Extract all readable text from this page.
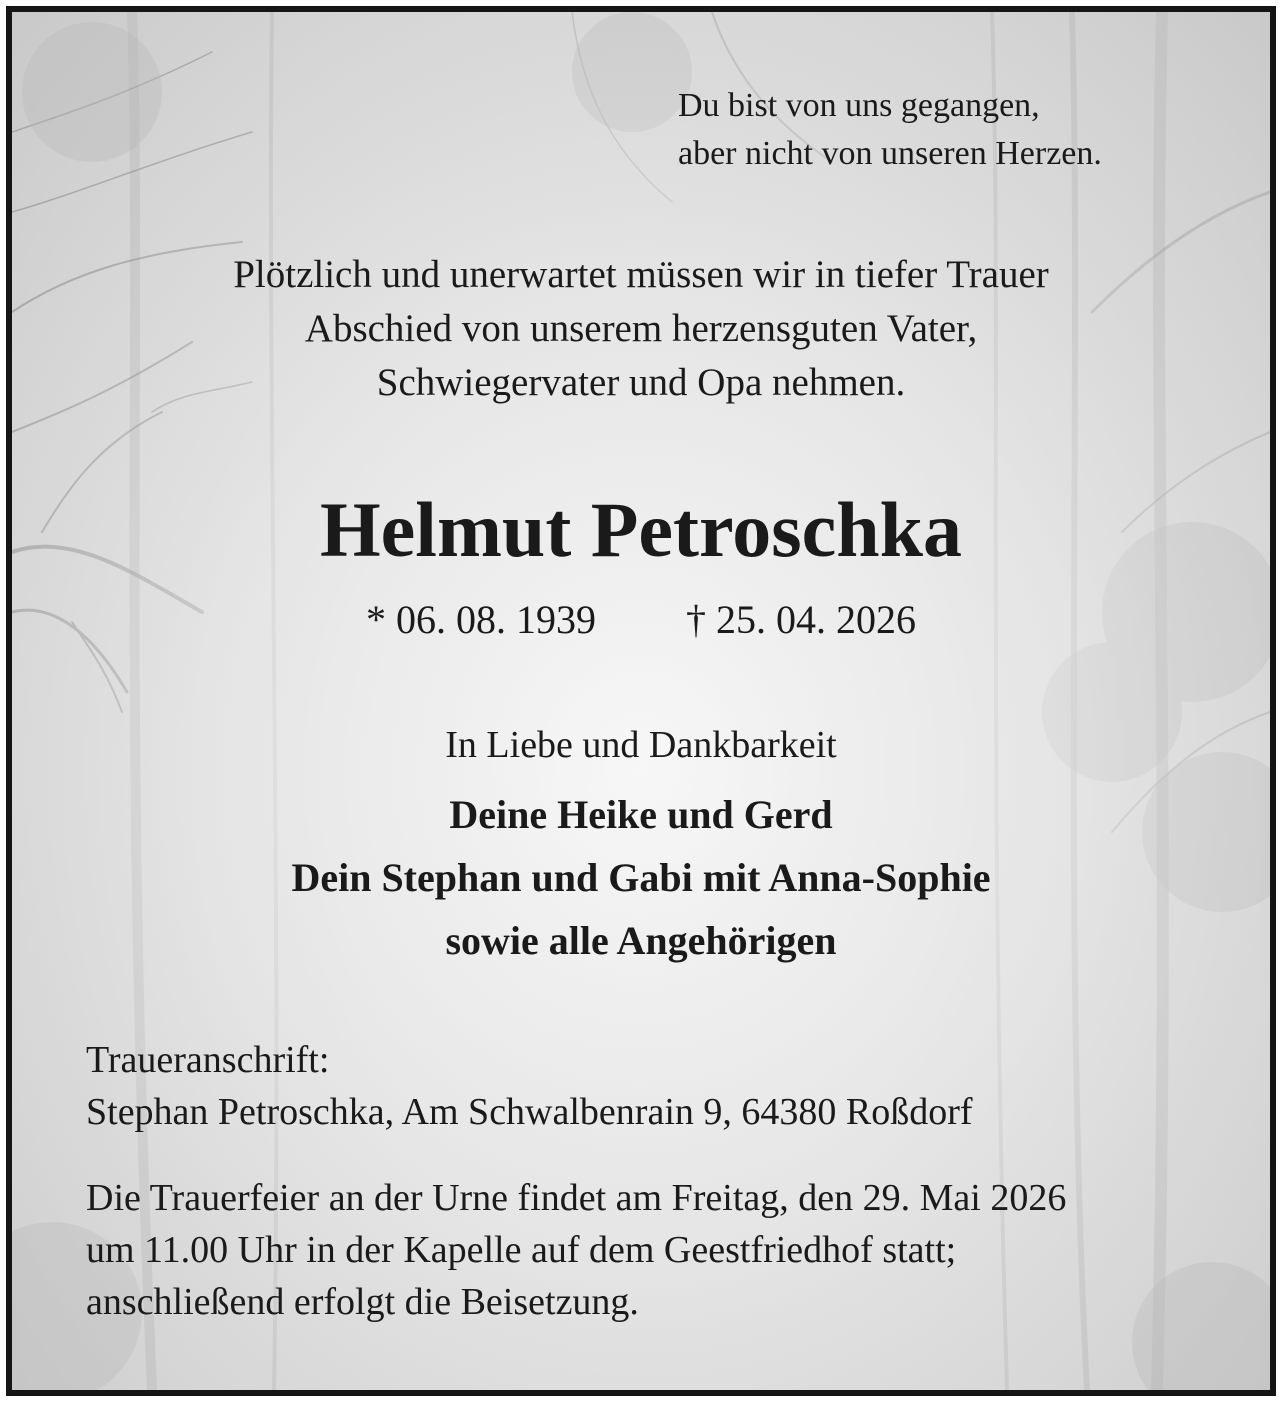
Du bist von uns gegangen,
aber nicht von unseren Herzen.
Plötzlich und unerwartet müssen wir in tiefer Trauer
Abschied von unserem herzensguten Vater,
Schwiegervater und Opa nehmen.
Helmut Petroschka
* 06. 08. 1939 † 25. 04. 2026
In Liebe und Dankbarkeit
Deine Heike und Gerd
Dein Stephan und Gabi mit Anna-Sophie
sowie alle Angehörigen
Traueranschrift:
Stephan Petroschka, Am Schwalbenrain 9, 64380 Roßdorf
Die Trauerfeier an der Urne findet am Freitag, den 29. Mai 2026
um 11.00 Uhr in der Kapelle auf dem Geestfriedhof statt;
anschließend erfolgt die Beisetzung.
